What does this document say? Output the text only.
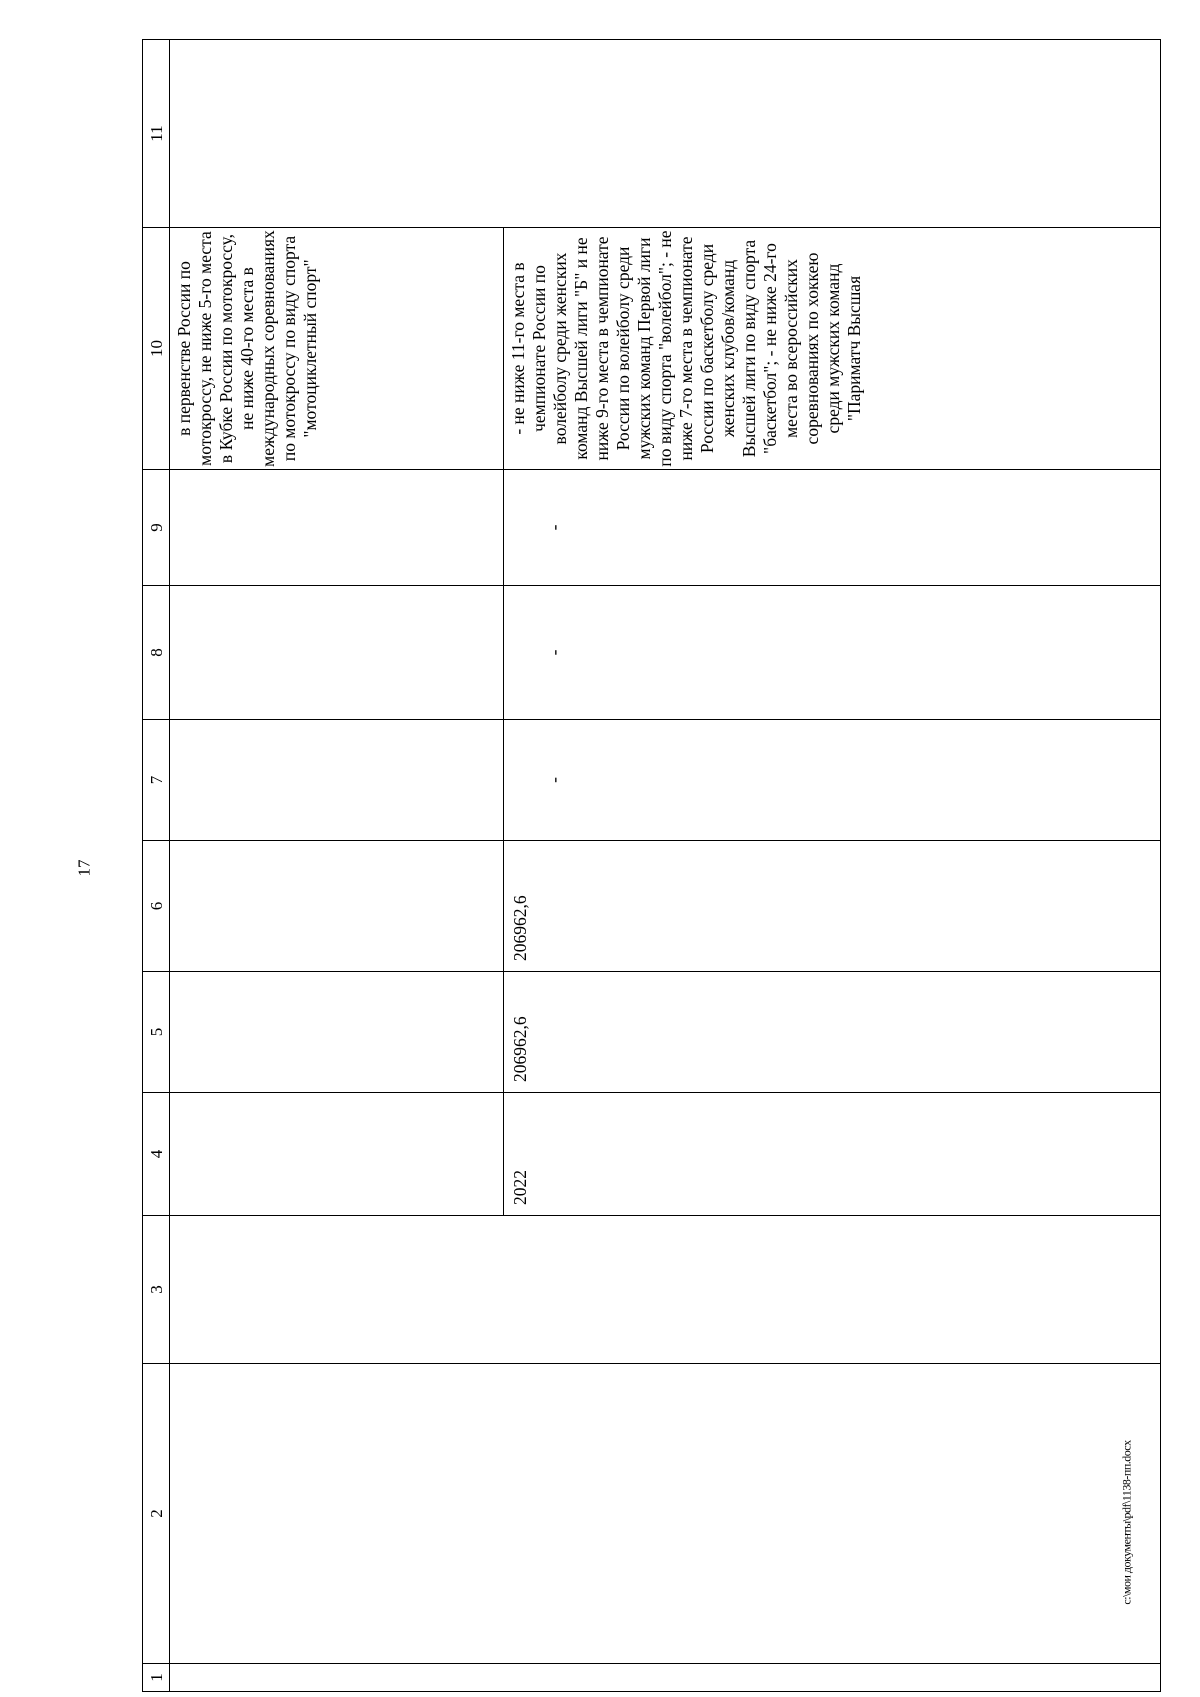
17
c:\мои документы\pdf\1138-пп.docx
1	2	3	4	5	6	7	8	9	10	11
									в первенстве России по мотокроссу, не ниже 5-го места в Кубке России по мотокроссу, не ниже 40-го места в международных соревнованиях по мотокроссу по виду спорта "мотоциклетный спорт"	
			2022	206962,6	206962,6	-	-	-	- не ниже 11-го места в чемпионате России по волейболу среди женских команд Высшей лиги "Б" и не ниже 9-го места в чемпионате России по волейболу среди мужских команд Первой лиги по виду спорта "волейбол"; - не ниже 7-го места в чемпионате России по баскетболу среди женских клубов/команд Высшей лиги по виду спорта "баскетбол"; - не ниже 24-го места во всероссийских соревнованиях по хоккею среди мужских команд "Париматч Высшая	
